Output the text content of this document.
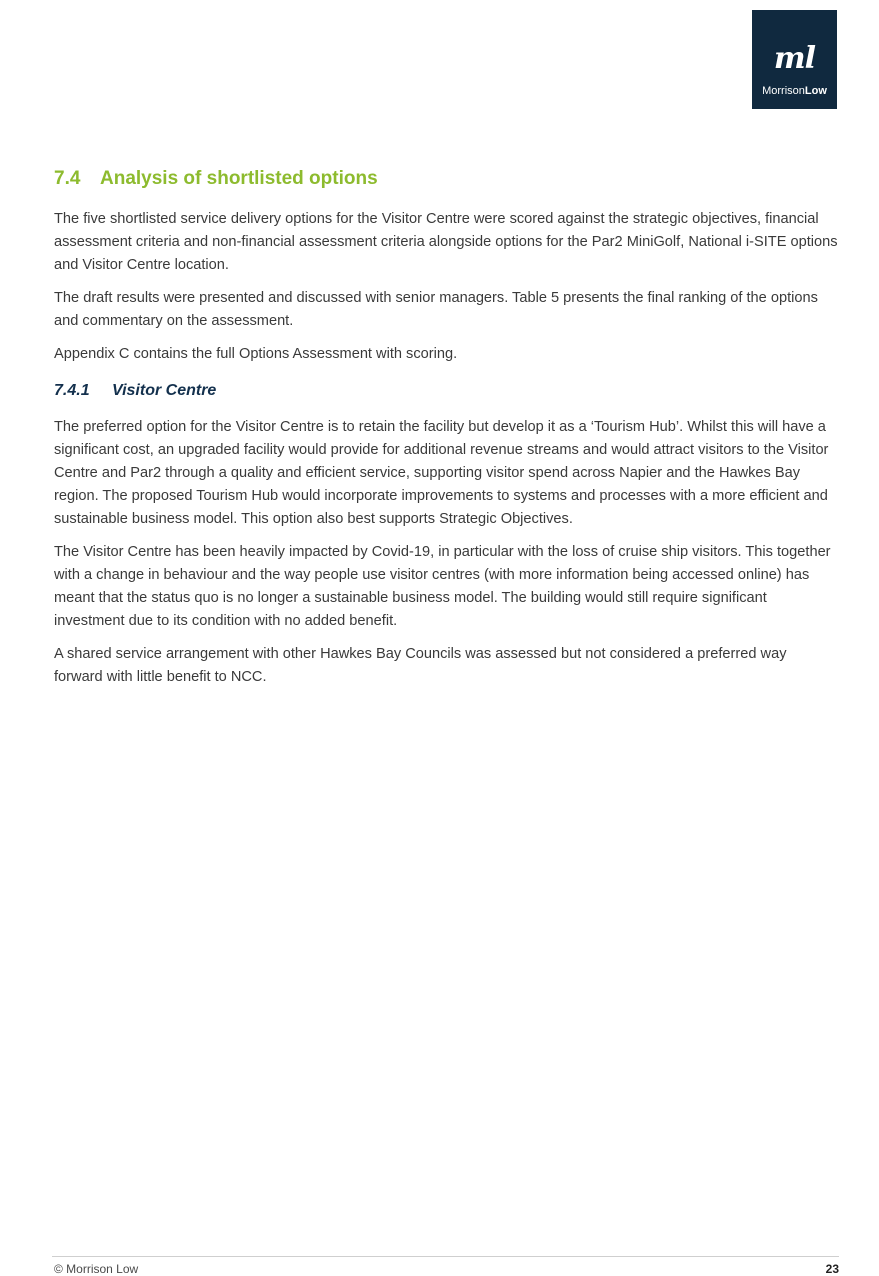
ml
MorrisonLow
7.4 Analysis of shortlisted options

The five shortlisted service delivery options for the Visitor Centre were scored against the strategic objectives, financial assessment criteria and non-financial assessment criteria alongside options for the Par2 MiniGolf, National i-SITE options and Visitor Centre location.

The draft results were presented and discussed with senior managers. Table 5 presents the final ranking of the options and commentary on the assessment.

Appendix C contains the full Options Assessment with scoring.

7.4.1 Visitor Centre

The preferred option for the Visitor Centre is to retain the facility but develop it as a ‘Tourism Hub’. Whilst this will have a significant cost, an upgraded facility would provide for additional revenue streams and would attract visitors to the Visitor Centre and Par2 through a quality and efficient service, supporting visitor spend across Napier and the Hawkes Bay region. The proposed Tourism Hub would incorporate improvements to systems and processes with a more efficient and sustainable business model. This option also best supports Strategic Objectives.

The Visitor Centre has been heavily impacted by Covid-19, in particular with the loss of cruise ship visitors. This together with a change in behaviour and the way people use visitor centres (with more information being accessed online) has meant that the status quo is no longer a sustainable business model. The building would still require significant investment due to its condition with no added benefit.

A shared service arrangement with other Hawkes Bay Councils was assessed but not considered a preferred way forward with little benefit to NCC.

© Morrison Low	23
